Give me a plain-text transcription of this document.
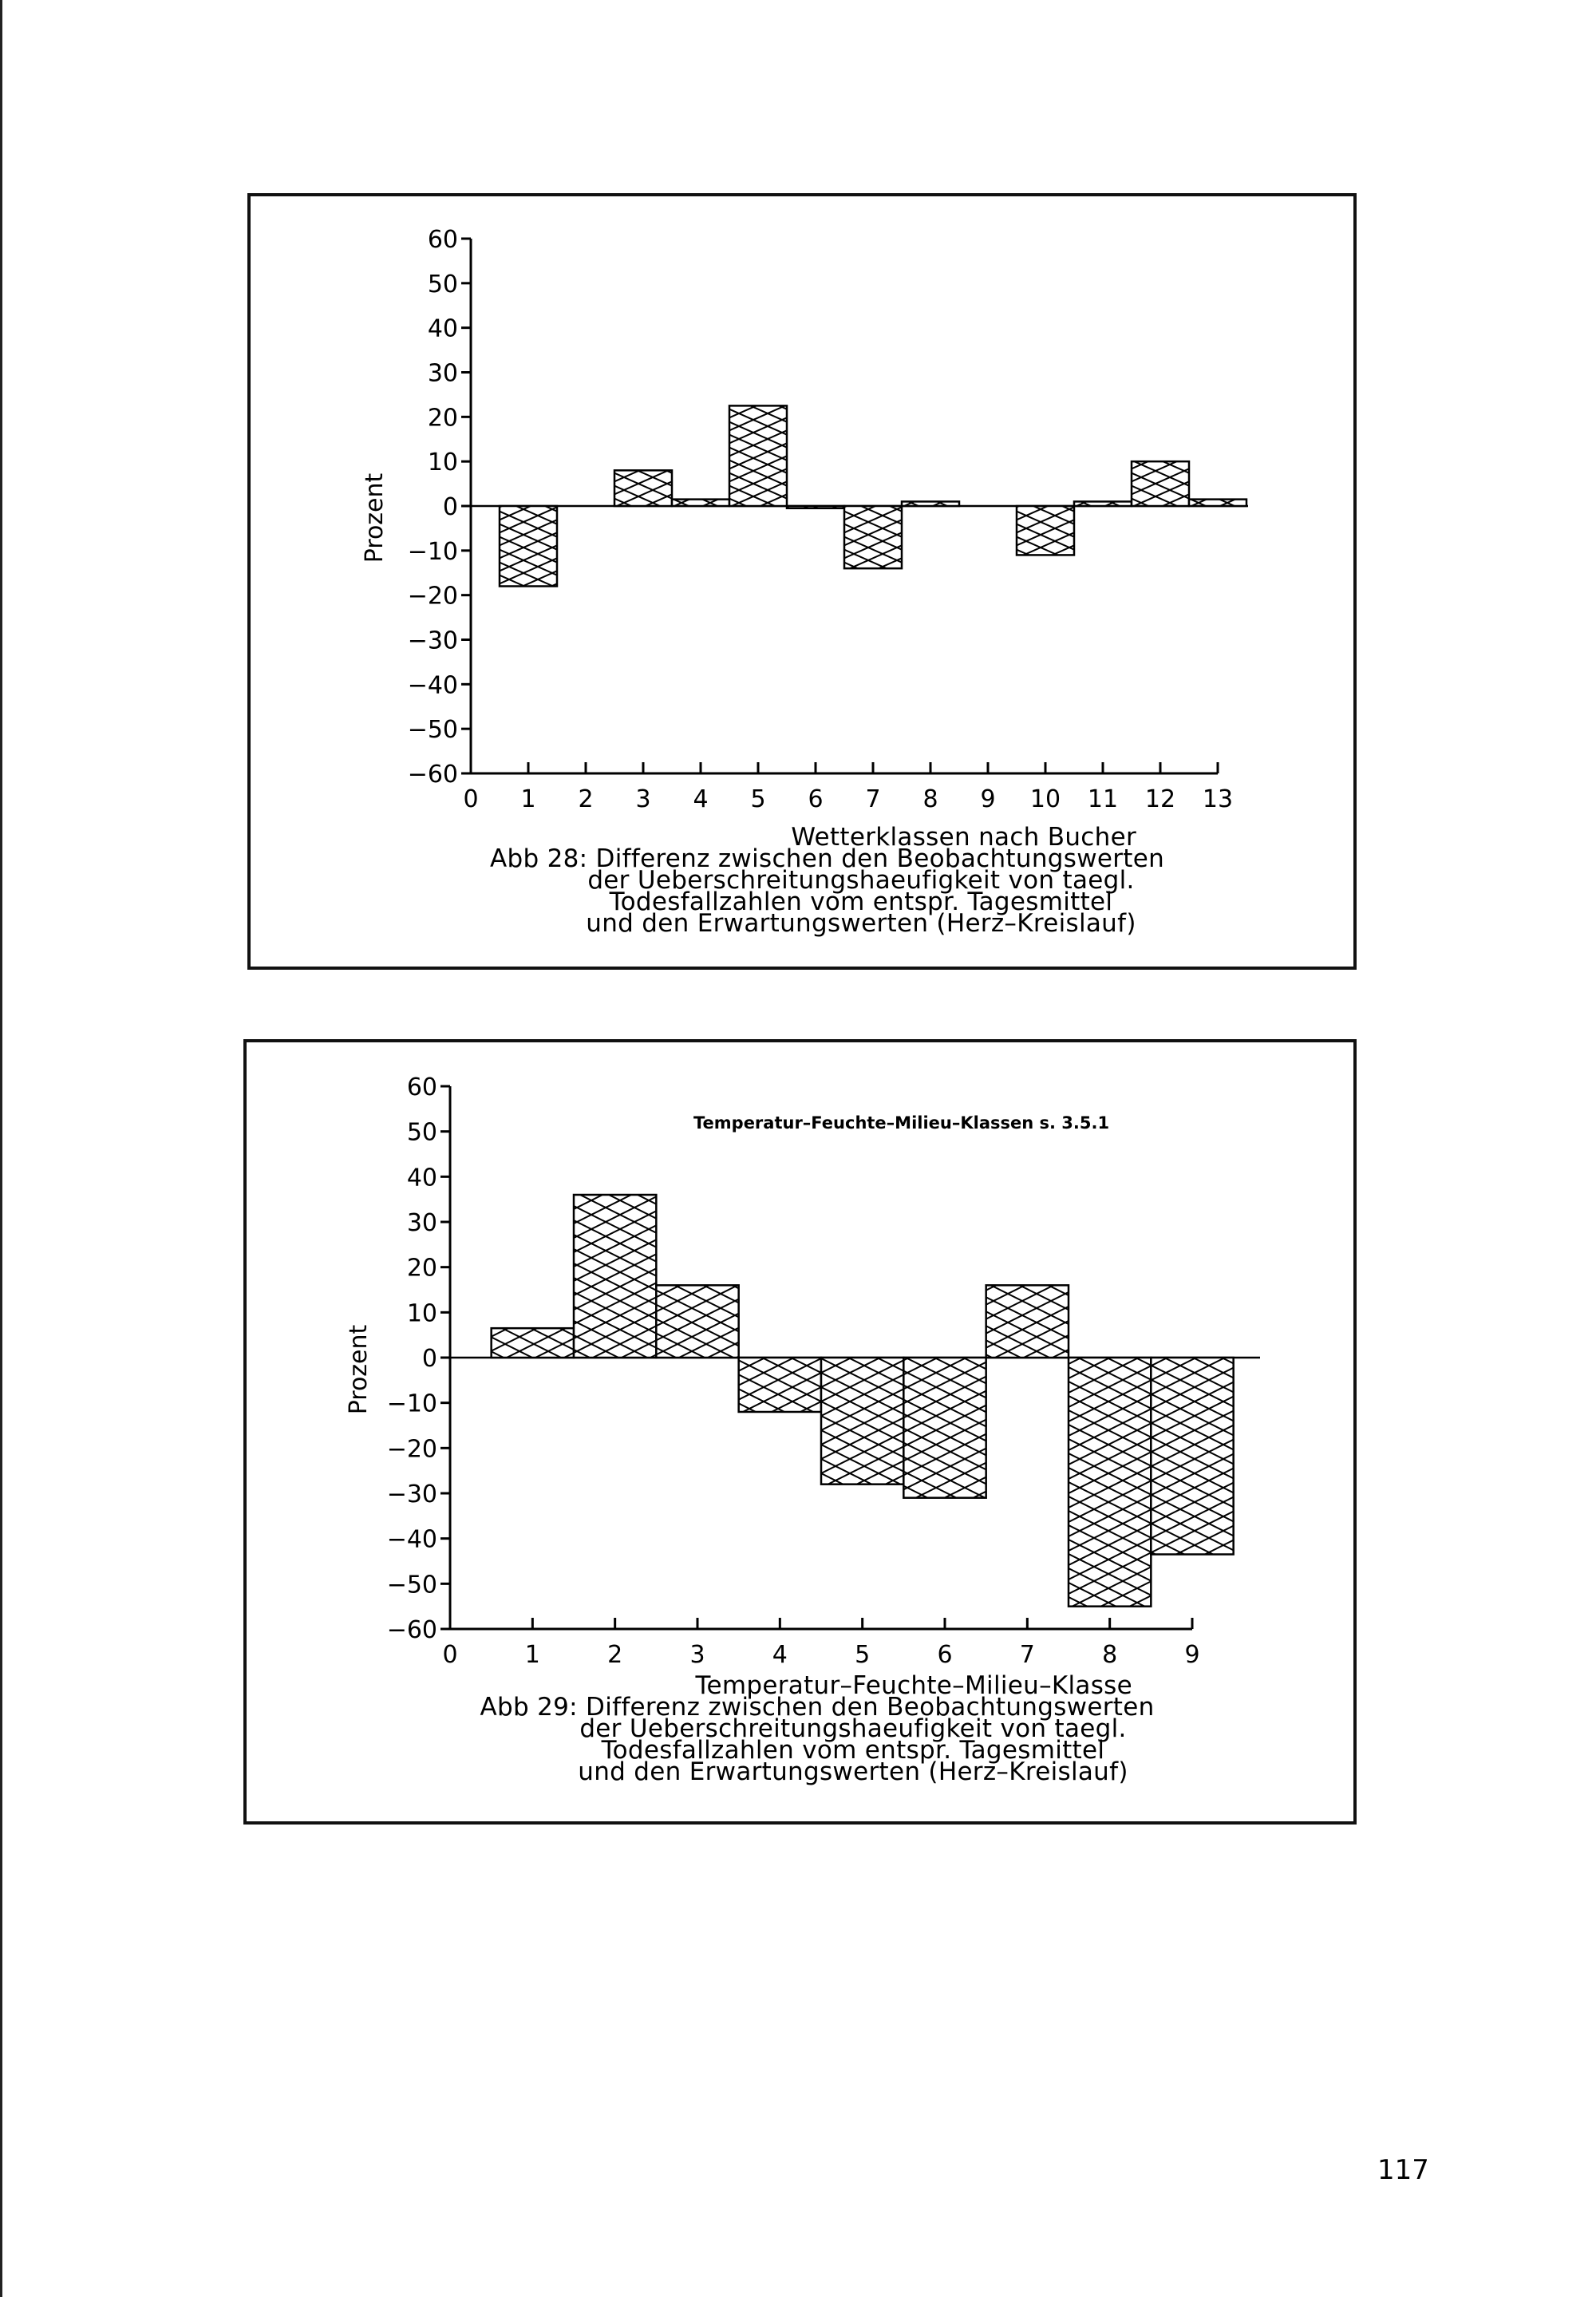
60
50
40
30
20
10
0
−10
−20
−30
−40
−50
−60
Prozent
0 1 2 3 4 5 6 7 8 9 10 11 12 13
Wetterklassen nach Bucher
Abb 28: Differenz zwischen den Beobachtungswerten
der Ueberschreitungshaeufigkeit von taegl.
Todesfallzahlen vom entspr. Tagesmittel
und den Erwartungswerten (Herz–Kreislauf)
60
50
40
30
20
10
0
−10
−20
−30
−40
−50
−60
Prozent
0	1	2	3	4	5	6	7	8	9
Temperatur–Feuchte–Milieu–Klassen s. 3.5.1
Temperatur–Feuchte–Milieu–Klasse
Abb 29: Differenz zwischen den Beobachtungswerten
der Ueberschreitungshaeufigkeit von taegl.
Todesfallzahlen vom entspr. Tagesmittel
und den Erwartungswerten (Herz–Kreislauf)
117
